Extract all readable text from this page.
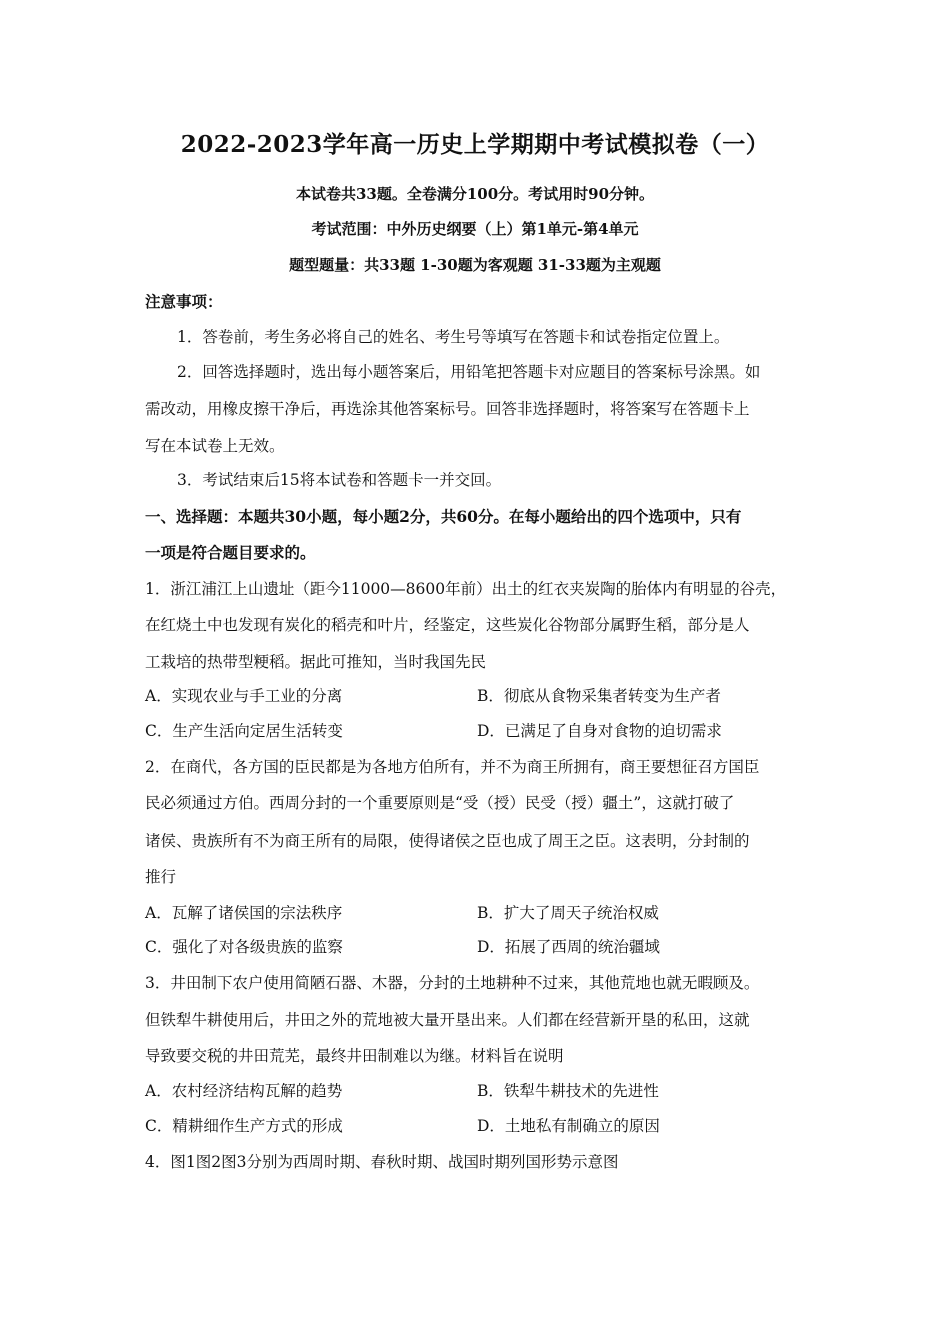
2022-2023学年高一历史上学期期中考试模拟卷（一）
本试卷共33题。全卷满分100分。考试用时90分钟。
考试范围：中外历史纲要（上）第1单元-第4单元
题型题量：共33题 1-30题为客观题 31-33题为主观题
注意事项：
1．答卷前，考生务必将自己的姓名、考生号等填写在答题卡和试卷指定位置上。
2．回答选择题时，选出每小题答案后，用铅笔把答题卡对应题目的答案标号涂黑。如
需改动，用橡皮擦干净后，再选涂其他答案标号。回答非选择题时，将答案写在答题卡上
写在本试卷上无效。
3．考试结束后15将本试卷和答题卡一并交回。
一、选择题：本题共30小题，每小题2分，共60分。在每小题给出的四个选项中，只有
一项是符合题目要求的。
1．浙江浦江上山遗址（距今11000—8600年前）出土的红衣夹炭陶的胎体内有明显的谷壳，
在红烧土中也发现有炭化的稻壳和叶片，经鉴定，这些炭化谷物部分属野生稻，部分是人
工栽培的热带型粳稻。据此可推知，当时我国先民
A．实现农业与手工业的分离	B．彻底从食物采集者转变为生产者
C．生产生活向定居生活转变	D．已满足了自身对食物的迫切需求
2．在商代，各方国的臣民都是为各地方伯所有，并不为商王所拥有，商王要想征召方国臣
民必须通过方伯。西周分封的一个重要原则是“受（授）民受（授）疆土”，这就打破了
诸侯、贵族所有不为商王所有的局限，使得诸侯之臣也成了周王之臣。这表明，分封制的
推行
A．瓦解了诸侯国的宗法秩序	B．扩大了周天子统治权威
C．强化了对各级贵族的监察	D．拓展了西周的统治疆域
3．井田制下农户使用简陋石器、木器，分封的土地耕种不过来，其他荒地也就无暇顾及。
但铁犁牛耕使用后，井田之外的荒地被大量开垦出来。人们都在经营新开垦的私田，这就
导致要交税的井田荒芜，最终井田制难以为继。材料旨在说明
A．农村经济结构瓦解的趋势	B．铁犁牛耕技术的先进性
C．精耕细作生产方式的形成	D．土地私有制确立的原因
4．图1图2图3分别为西周时期、春秋时期、战国时期列国形势示意图
